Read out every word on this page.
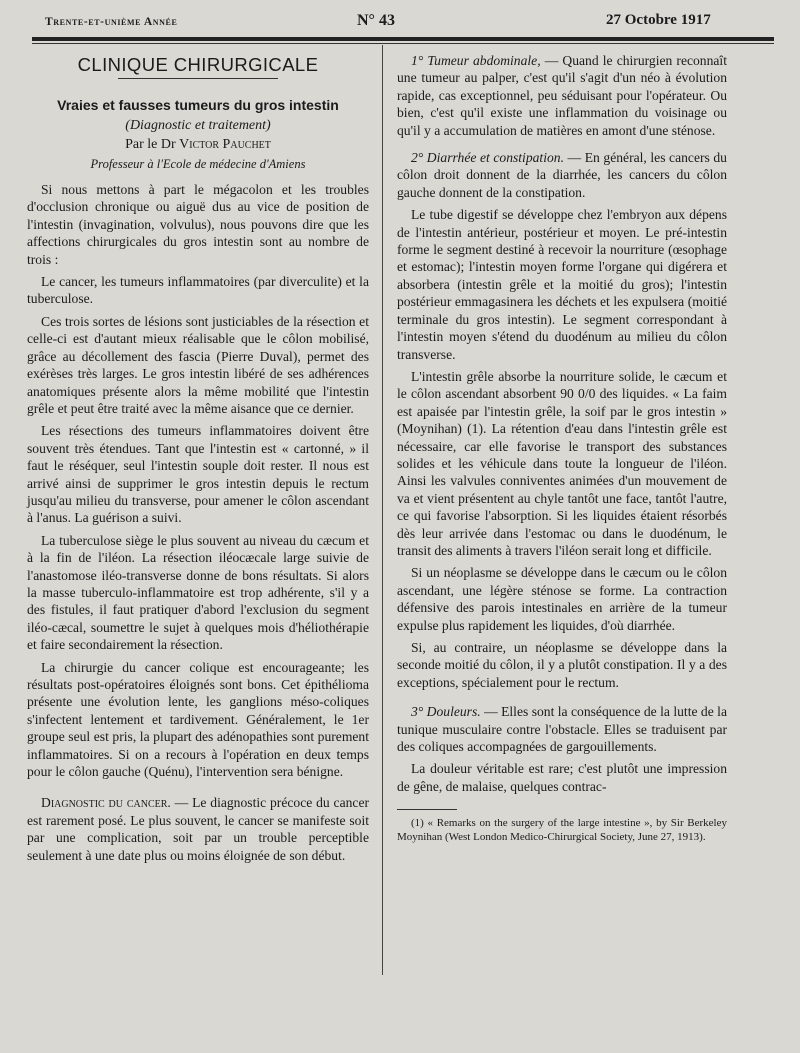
Trente-et-unième Année	N° 43	27 Octobre 1917
CLINIQUE CHIRURGICALE
Vraies et fausses tumeurs du gros intestin
(Diagnostic et traitement)
Par le Dr Victor Pauchet
Professeur à l'Ecole de médecine d'Amiens

Si nous mettons à part le mégacolon et les troubles d'occlusion chronique ou aiguë dus au vice de position de l'intestin (invagination, volvulus), nous pouvons dire que les affections chirurgicales du gros intestin sont au nombre de trois :

Le cancer, les tumeurs inflammatoires (par diverculite) et la tuberculose.

Ces trois sortes de lésions sont justiciables de la résection et celle-ci est d'autant mieux réalisable que le côlon mobilisé, grâce au décollement des fascia (Pierre Duval), permet des exérèses très larges. Le gros intestin libéré de ses adhérences anatomiques présente alors la même mobilité que l'intestin grêle et peut être traité avec la même aisance que ce dernier.

Les résections des tumeurs inflammatoires doivent être souvent très étendues. Tant que l'intestin est « cartonné, » il faut le réséquer, seul l'intestin souple doit rester. Il nous est arrivé ainsi de supprimer le gros intestin depuis le rectum jusqu'au milieu du transverse, pour amener le côlon ascendant à l'anus. La guérison a suivi.

La tuberculose siège le plus souvent au niveau du cæcum et à la fin de l'iléon. La résection iléocæcale large suivie de l'anastomose iléo-transverse donne de bons résultats. Si alors la masse tuberculo-inflammatoire est trop adhérente, s'il y a des fistules, il faut pratiquer d'abord l'exclusion du segment iléo-cæcal, soumettre le sujet à quelques mois d'héliothérapie et faire secondairement la résection.

La chirurgie du cancer colique est encourageante; les résultats post-opératoires éloignés sont bons. Cet épithélioma présente une évolution lente, les ganglions méso-coliques s'infectent lentement et tardivement. Généralement, le 1er groupe seul est pris, la plupart des adénopathies sont purement inflammatoires. Si on a recours à l'opération en deux temps pour le côlon gauche (Quénu), l'intervention sera bénigne.

Diagnostic du cancer. — Le diagnostic précoce du cancer est rarement posé. Le plus souvent, le cancer se manifeste soit par une complication, soit par un trouble perceptible seulement à une date plus ou moins éloignée de son début.

1° Tumeur abdominale, — Quand le chirurgien reconnaît une tumeur au palper, c'est qu'il s'agit d'un néo à évolution rapide, cas exceptionnel, peu séduisant pour l'opérateur. Ou bien, c'est qu'il existe une inflammation du voisinage ou qu'il y a accumulation de matières en amont d'une sténose.

2° Diarrhée et constipation. — En général, les cancers du côlon droit donnent de la diarrhée, les cancers du côlon gauche donnent de la constipation.

Le tube digestif se développe chez l'embryon aux dépens de l'intestin antérieur, postérieur et moyen. Le pré-intestin forme le segment destiné à recevoir la nourriture (œsophage et estomac); l'intestin moyen forme l'organe qui digérera et absorbera (intestin grêle et la moitié du gros); l'intestin postérieur emmagasinera les déchets et les expulsera (moitié terminale du gros intestin). Le segment correspondant à l'intestin moyen s'étend du duodénum au milieu du côlon transverse.

L'intestin grêle absorbe la nourriture solide, le cæcum et le côlon ascendant absorbent 90 0/0 des liquides. « La faim est apaisée par l'intestin grêle, la soif par le gros intestin » (Moynihan) (1). La rétention d'eau dans l'intestin grêle est nécessaire, car elle favorise le transport des substances solides et les véhicule dans toute la longueur de l'iléon. Ainsi les valvules conniventes animées d'un mouvement de va et vient présentent au chyle tantôt une face, tantôt l'autre, ce qui favorise l'absorption. Si les liquides étaient résorbés dès leur arrivée dans l'estomac ou dans le duodénum, le transit des aliments à travers l'iléon serait long et difficile.

Si un néoplasme se développe dans le cæcum ou le côlon ascendant, une légère sténose se forme. La contraction défensive des parois intestinales en arrière de la tumeur expulse plus rapidement les liquides, d'où diarrhée.

Si, au contraire, un néoplasme se développe dans la seconde moitié du côlon, il y a plutôt constipation. Il y a des exceptions, spécialement pour le rectum.

3° Douleurs. — Elles sont la conséquence de la lutte de la tunique musculaire contre l'obstacle. Elles se traduisent par des coliques accompagnées de gargouillements.

La douleur véritable est rare; c'est plutôt une impression de gêne, de malaise, quelques contrac-

(1) « Remarks on the surgery of the large intestine », by Sir Berkeley Moynihan (West London Medico-Chirurgical Society, June 27, 1913).
